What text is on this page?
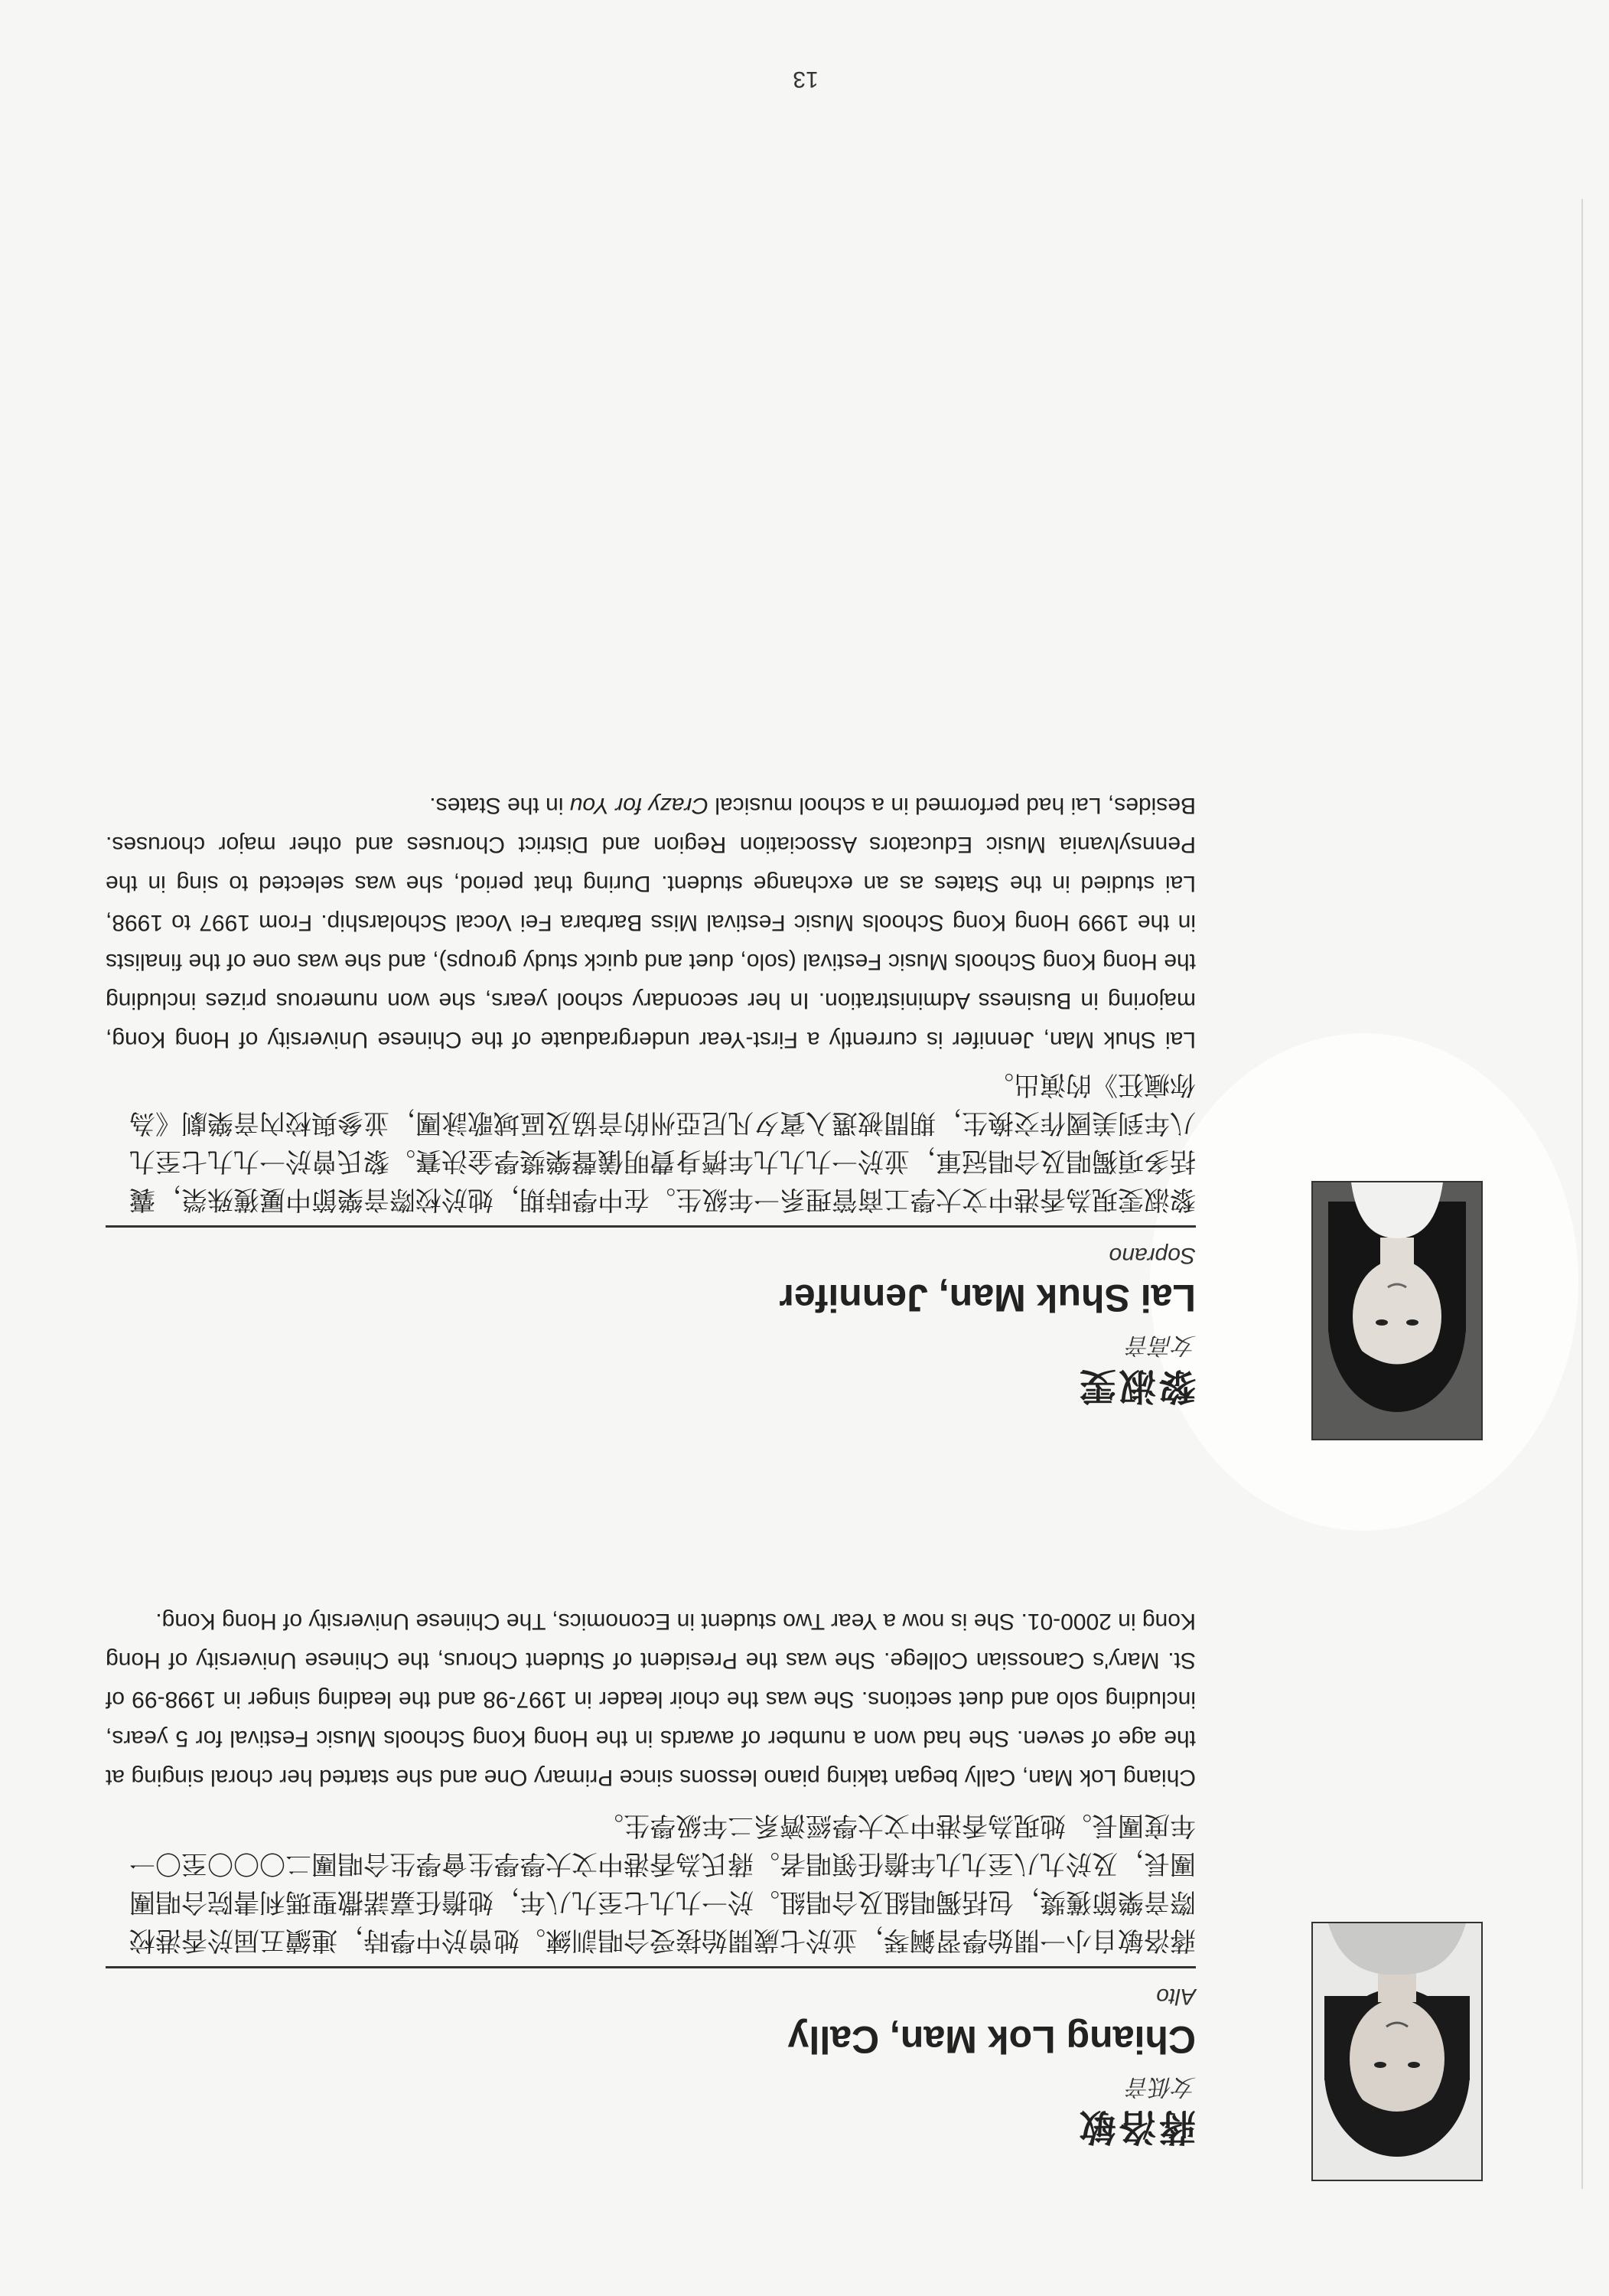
蔣洛敏
女低音
Chiang Lok Man, Cally
Alto
蔣洛敏自小一開始學習鋼琴，並於七歲開始接受合唱訓練。她曾於中學時，連續五屆於香港校際音樂節獲獎，包括獨唱組及合唱組。於一九九七至九八年，她擔任嘉諾撒聖瑪利書院合唱團團長，及於九八至九九年擔任領唱者。蔣氏為香港中文大學學生會學生合唱團二〇〇〇至〇一年度團長。她現為香港中文大學經濟系二年級學生。
Chiang Lok Man, Cally began taking piano lessons since Primary One and she started her choral singing at the age of seven. She had won a number of awards in the Hong Kong Schools Music Festival for 5 years, including solo and duet sections. She was the choir leader in 1997-98 and the leading singer in 1998-99 of St. Mary's Canossian College. She was the President of Student Chorus, the Chinese University of Hong Kong in 2000-01. She is now a Year Two student in Economics, The Chinese University of Hong Kong.
黎淑雯
女高音
Lai Shuk Man, Jennifer
Soprano
黎淑雯現為香港中文大學工商管理系一年級生。在中學時期，她於校際音樂節中屢獲殊榮，囊括多項獨唱及合唱冠軍，並於一九九九年擠身費明儀聲樂獎學金決賽。黎氏曾於一九九七至九八年到美國作交換生，期間被選入賓夕凡尼亞州的音協及區域歌詠團，並參與校內音樂劇《為你瘋狂》的演出。
Lai Shuk Man, Jennifer is currently a First-Year undergraduate of the Chinese University of Hong Kong, majoring in Business Administration. In her secondary school years, she won numerous prizes including the Hong Kong Schools Music Festival (solo, duet and quick study groups), and she was one of the finalists in the 1999 Hong Kong Schools Music Festival Miss Barbara Fei Vocal Scholarship. From 1997 to 1998, Lai studied in the States as an exchange student. During that period, she was selected to sing in the Pennsylvania Music Educators Association Region and District Choruses and other major choruses. Besides, Lai had performed in a school musical Crazy for You in the States.
13
